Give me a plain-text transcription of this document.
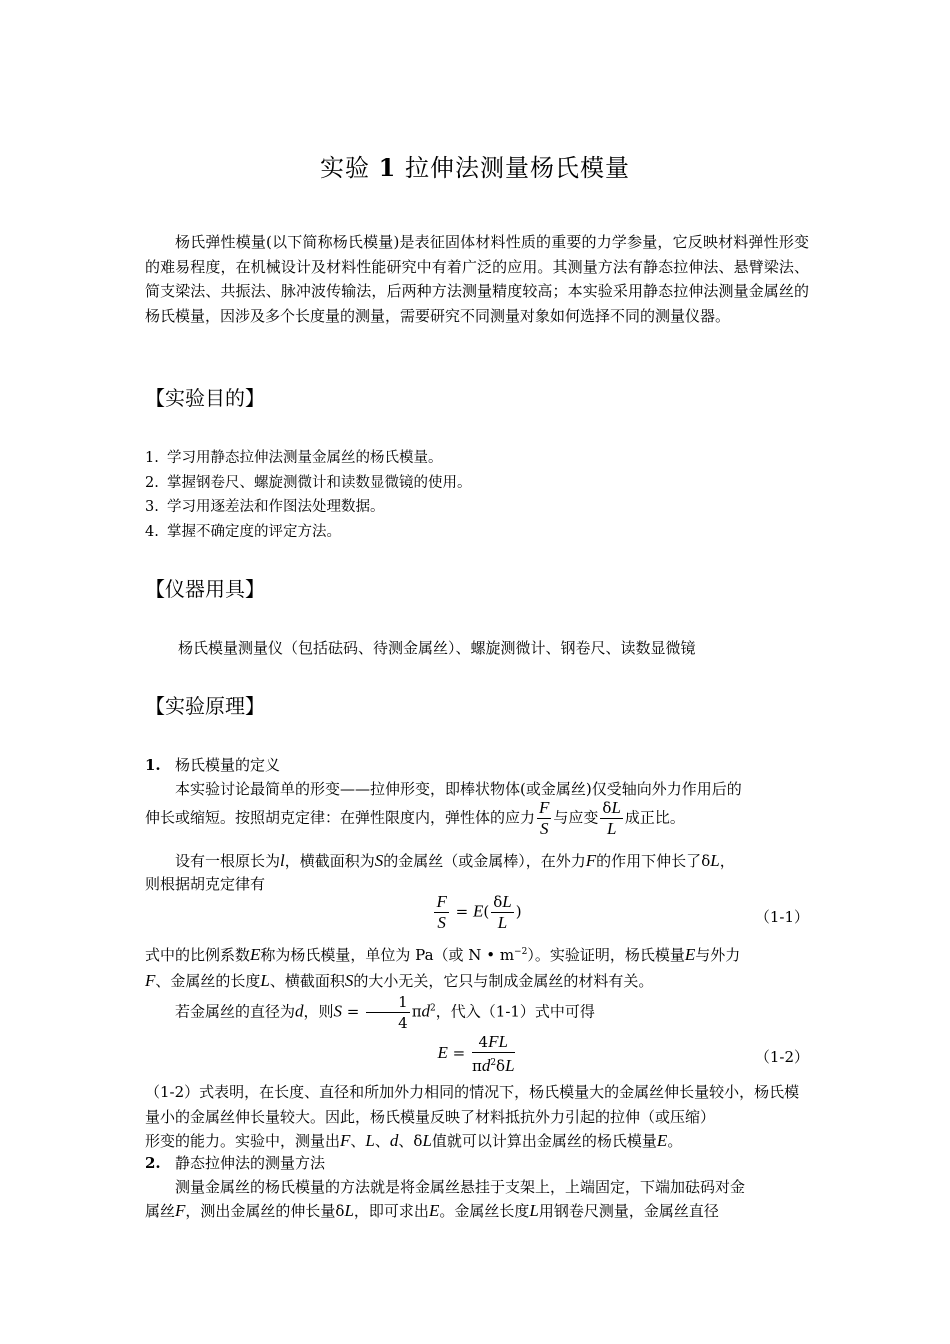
实验 1 拉伸法测量杨氏模量
杨氏弹性模量(以下简称杨氏模量)是表征固体材料性质的重要的力学参量，它反映材料弹性形变的难易程度，在机械设计及材料性能研究中有着广泛的应用。其测量方法有静态拉伸法、悬臂梁法、简支梁法、共振法、脉冲波传输法，后两种方法测量精度较高；本实验采用静态拉伸法测量金属丝的杨氏模量，因涉及多个长度量的测量，需要研究不同测量对象如何选择不同的测量仪器。
【实验目的】
1. 学习用静态拉伸法测量金属丝的杨氏模量。
2. 掌握钢卷尺、螺旋测微计和读数显微镜的使用。
3. 学习用逐差法和作图法处理数据。
4. 掌握不确定度的评定方法。
【仪器用具】
杨氏模量测量仪（包括砝码、待测金属丝）、螺旋测微计、钢卷尺、读数显微镜
【实验原理】
1. 杨氏模量的定义
本实验讨论最简单的形变——拉伸形变，即棒状物体(或金属丝)仅受轴向外力作用后的
伸长或缩短。按照胡克定律：在弹性限度内，弹性体的应力 $\frac{F}{S}$ 与应变 $\frac{\delta L}{L}$ 成正比。
设有一根原长为l，横截面积为S的金属丝（或金属棒），在外力F的作用下伸长了δL，
则根据胡克定律有
$\frac{F}{S} = E( \frac{\delta L}{L}$ )	（1-1）
式中的比例系数E称为杨氏模量，单位为 Pa（或 N • $m^{-2}$）。实验证明，杨氏模量E与外力
F、金属丝的长度L、横截面积S的大小无关，它只与制成金属丝的材料有关。
若金属丝的直径为d，则$S = \frac{1}{4} \pi d^2$，代入（1-1）式中可得
$E = \frac{4FL}{\pi d^2\delta L}$	（1-2）
（1-2）式表明，在长度、直径和所加外力相同的情况下，杨氏模量大的金属丝伸长量较小，杨氏模量小的金属丝伸长量较大。因此，杨氏模量反映了材料抵抗外力引起的拉伸（或压缩）
形变的能力。实验中，测量出F、L、d、δL值就可以计算出金属丝的杨氏模量E。
2. 静态拉伸法的测量方法
测量金属丝的杨氏模量的方法就是将金属丝悬挂于支架上，上端固定，下端加砝码对金
属丝F，测出金属丝的伸长量δL，即可求出E。金属丝长度L用钢卷尺测量，金属丝直径
